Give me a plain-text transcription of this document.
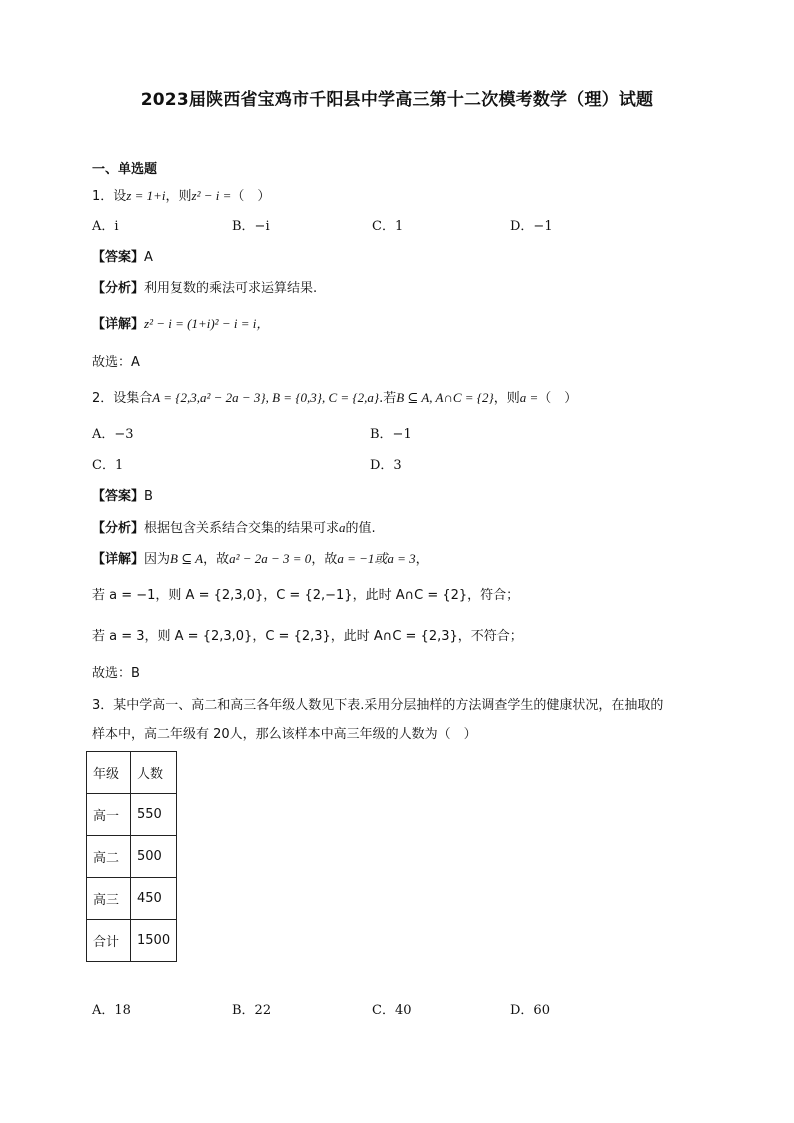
2023届陕西省宝鸡市千阳县中学高三第十二次模考数学（理）试题
一、单选题
1．设z = 1+i，则z² − i =（　）
A．i	B．−i	C．1	D．−1
【答案】A
【分析】利用复数的乘法可求运算结果.
【详解】z² − i = (1+i)² − i = i，
故选：A
2．设集合A = {2,3,a² − 2a − 3}, B = {0,3}, C = {2,a}.若B ⊆ A, A∩C = {2}，则a =（　）
A．−3	B．−1
C．1	D．3
【答案】B
【分析】根据包含关系结合交集的结果可求a的值.
【详解】因为B ⊆ A，故a² − 2a − 3 = 0，故a = −1或a = 3，
若 a = −1，则 A = {2,3,0}，C = {2,−1}，此时 A∩C = {2}，符合；
若 a = 3，则 A = {2,3,0}，C = {2,3}，此时 A∩C = {2,3}，不符合；
故选：B
3．某中学高一、高二和高三各年级人数见下表.采用分层抽样的方法调查学生的健康状况，在抽取的
样本中，高二年级有 20人，那么该样本中高三年级的人数为（　）
年级	人数
高一	550
高二	500
高三	450
合计	1500
A．18	B．22	C．40	D．60
